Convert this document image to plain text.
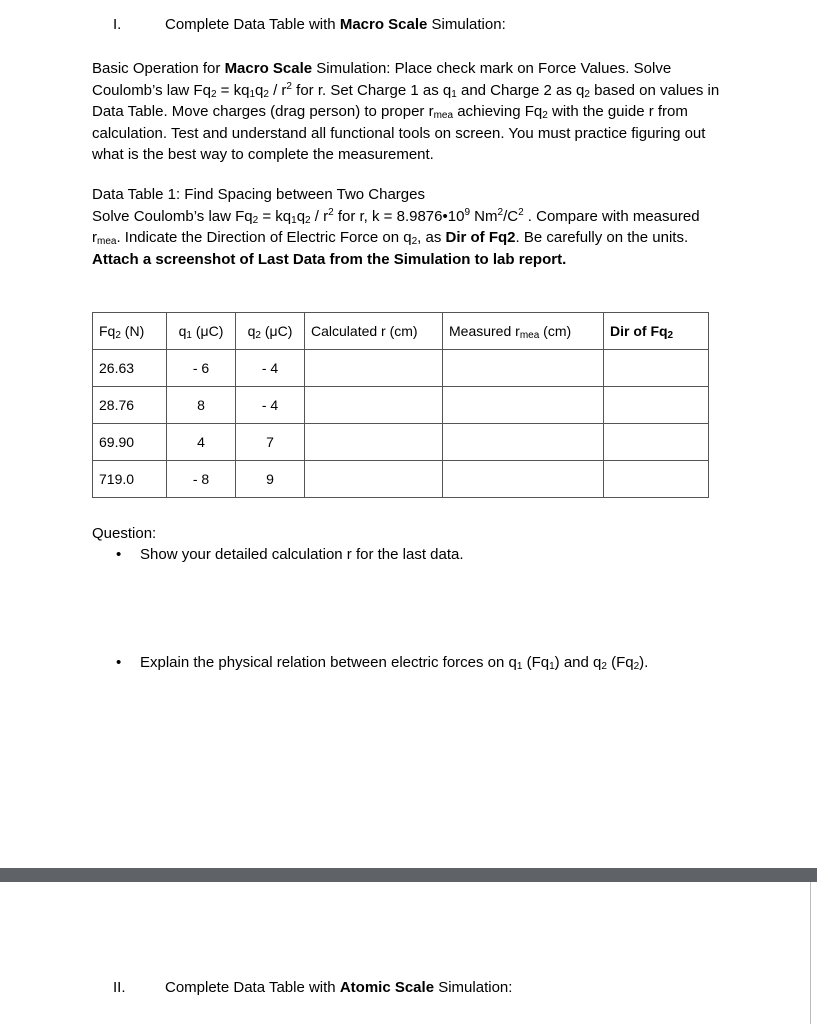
I.	Complete Data Table with Macro Scale Simulation:
Basic Operation for Macro Scale Simulation: Place check mark on Force Values. Solve Coulomb’s law $Fq_2 = kq_1q_2 / r^2$ for r. Set Charge 1 as $q_1$ and Charge 2 as $q_2$ based on values in Data Table. Move charges (drag person) to proper $r_{mea}$ achieving $Fq_2$ with the guide r from calculation. Test and understand all functional tools on screen. You must practice figuring out what is the best way to complete the measurement.
Data Table 1: Find Spacing between Two Charges
Solve Coulomb’s law $Fq_2 = kq_1q_2 / r^2$ for r, $k = 8.9876•10^9$ $Nm^2/C^2$ . Compare with measured $r_{mea}$. Indicate the Direction of Electric Force on $q_2$, as Dir of Fq2. Be carefully on the units.
Attach a screenshot of Last Data from the Simulation to lab report.
$Fq_2$ (N)	$q_1$ (μC)	$q_2$ (μC)	Calculated r (cm)	Measured $r_{mea}$ (cm)	Dir of $Fq_2$
26.63	- 6	- 4			
28.76	8	- 4			
69.90	4	7			
719.0	- 8	9			
Question:
• Show your detailed calculation r for the last data.
• Explain the physical relation between electric forces on $q_1$ $(Fq_1)$ and $q_2$ $(Fq_2)$.
II.	Complete Data Table with Atomic Scale Simulation:
